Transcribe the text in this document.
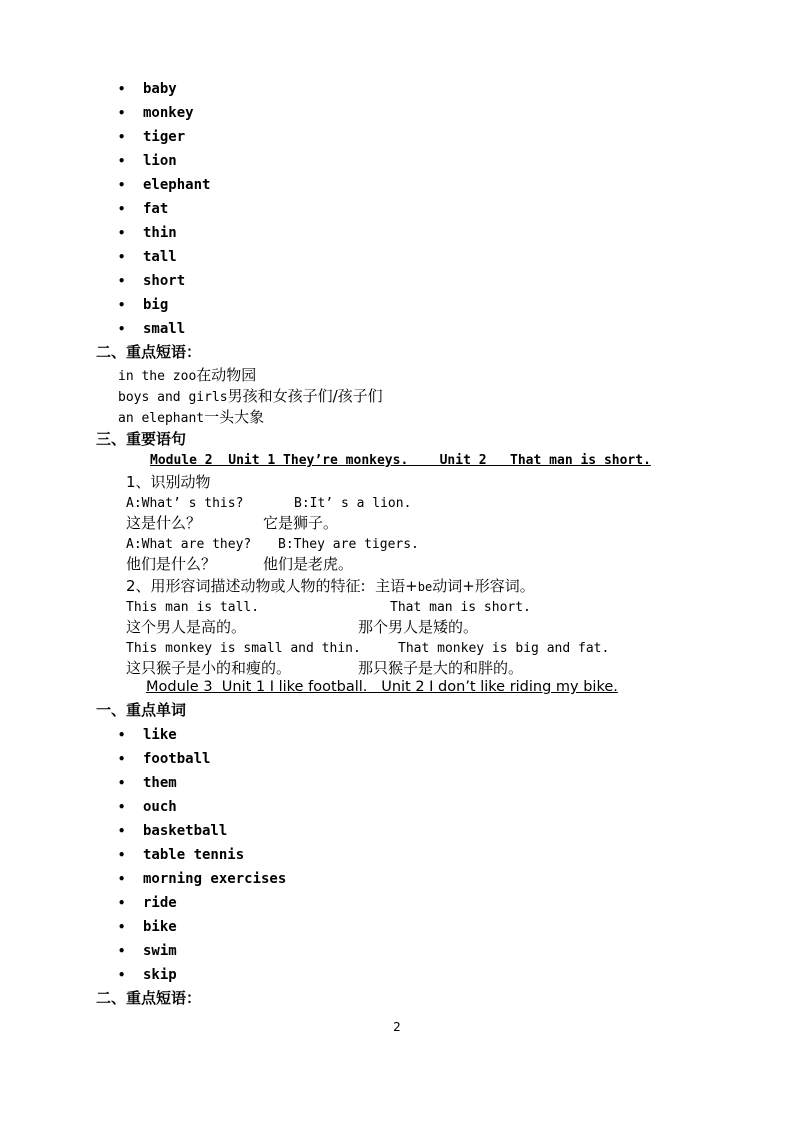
• baby
• monkey
• tiger
• lion
• elephant
• fat
• thin
• tall
• short
• big
• small
二、重点短语：
in the zoo在动物园
boys and girls男孩和女孩子们/孩子们
an elephant一头大象
三、重要语句
Module 2  Unit 1 They’re monkeys.    Unit 2   That man is short.
1、识别动物
A:What’ s this?	B:It’ s a lion.
这是什么？	它是狮子。
A:What are they? B:They are tigers.
他们是什么？	他们是老虎。
2、用形容词描述动物或人物的特征: 主语+be动词+形容词。
This man is tall.	That man is short.
这个男人是高的。	那个男人是矮的。
This monkey is small and thin.	That monkey is big and fat.
这只猴子是小的和瘦的。	那只猴子是大的和胖的。
Module 3  Unit 1 I like football.   Unit 2 I don’t like riding my bike.
一、重点单词
• like
• football
• them
• ouch
• basketball
• table tennis
• morning exercises
• ride
• bike
• swim
• skip
二、重点短语：
2
